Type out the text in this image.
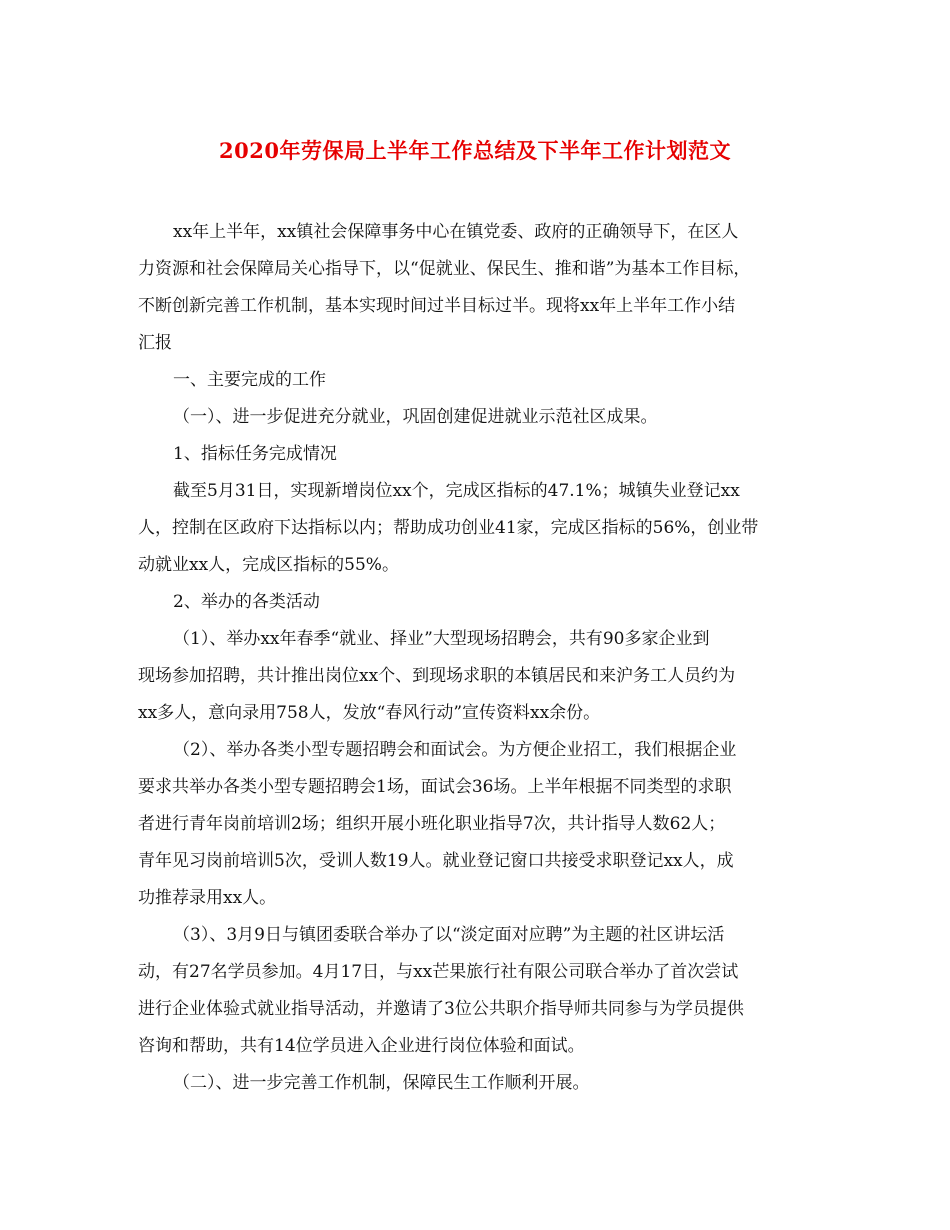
2020年劳保局上半年工作总结及下半年工作计划范文
xx年上半年，xx镇社会保障事务中心在镇党委、政府的正确领导下，在区人
力资源和社会保障局关心指导下，以“促就业、保民生、推和谐”为基本工作目标，
不断创新完善工作机制，基本实现时间过半目标过半。现将xx年上半年工作小结
汇报
一、主要完成的工作
（一）、进一步促进充分就业，巩固创建促进就业示范社区成果。
1、指标任务完成情况
截至5月31日，实现新增岗位xx个，完成区指标的47.1%；城镇失业登记xx
人，控制在区政府下达指标以内；帮助成功创业41家，完成区指标的56%，创业带
动就业xx人，完成区指标的55%。
2、举办的各类活动
（1）、举办xx年春季“就业、择业”大型现场招聘会，共有90多家企业到
现场参加招聘，共计推出岗位xx个、到现场求职的本镇居民和来沪务工人员约为
xx多人，意向录用758人，发放“春风行动”宣传资料xx余份。
（2）、举办各类小型专题招聘会和面试会。为方便企业招工，我们根据企业
要求共举办各类小型专题招聘会1场，面试会36场。上半年根据不同类型的求职
者进行青年岗前培训2场；组织开展小班化职业指导7次，共计指导人数62人；
青年见习岗前培训5次，受训人数19人。就业登记窗口共接受求职登记xx人，成
功推荐录用xx人。
（3）、3月9日与镇团委联合举办了以“淡定面对应聘”为主题的社区讲坛活
动，有27名学员参加。4月17日，与xx芒果旅行社有限公司联合举办了首次尝试
进行企业体验式就业指导活动，并邀请了3位公共职介指导师共同参与为学员提供
咨询和帮助，共有14位学员进入企业进行岗位体验和面试。
（二）、进一步完善工作机制，保障民生工作顺利开展。
